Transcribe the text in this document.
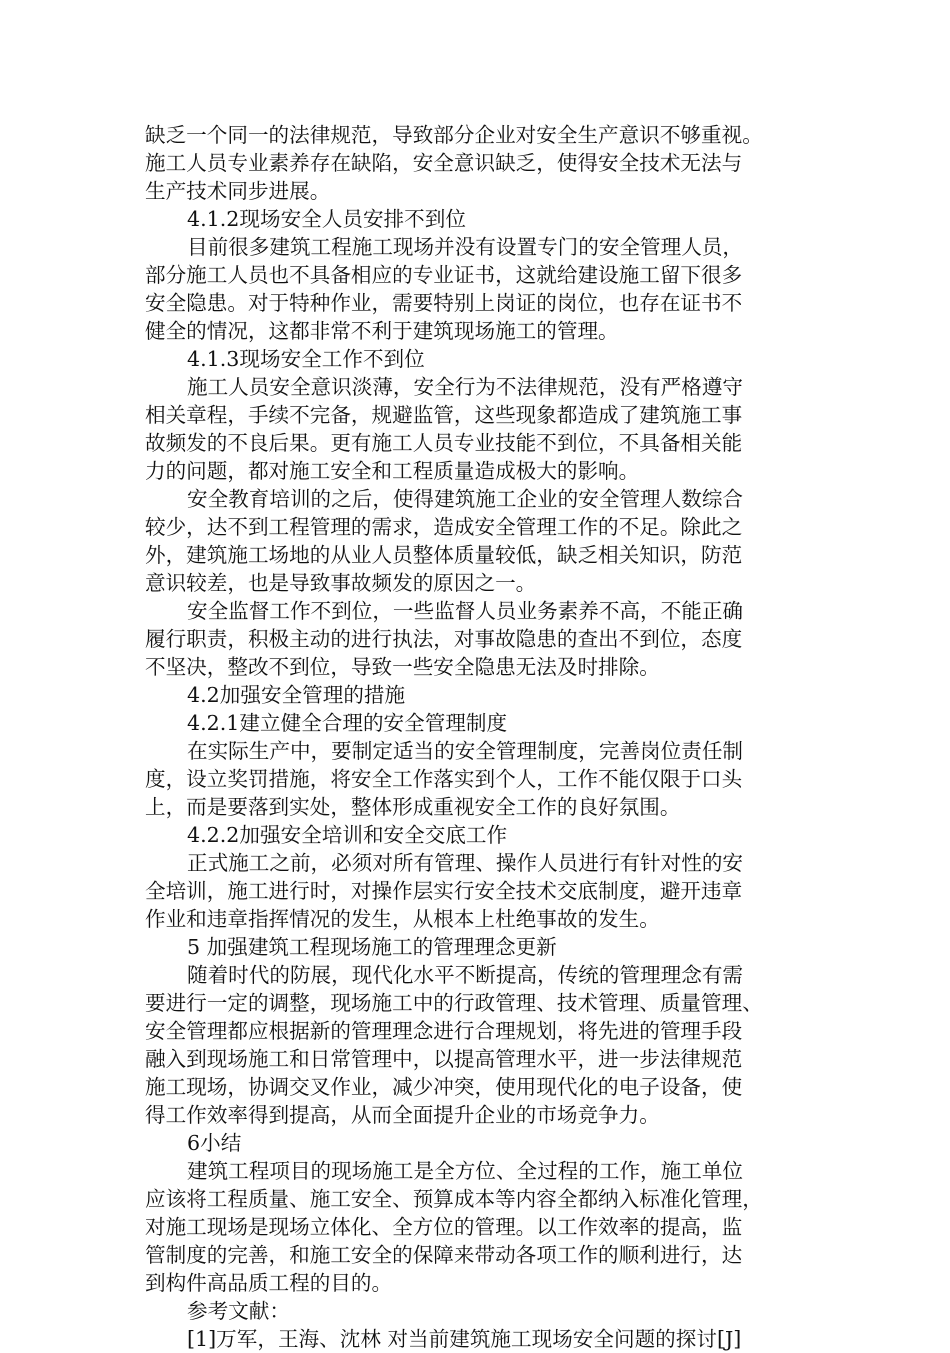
缺乏一个同一的法律规范，导致部分企业对安全生产意识不够重视。
施工人员专业素养存在缺陷，安全意识缺乏，使得安全技术无法与
生产技术同步进展。
4.1.2现场安全人员安排不到位
目前很多建筑工程施工现场并没有设置专门的安全管理人员，
部分施工人员也不具备相应的专业证书，这就给建设施工留下很多
安全隐患。对于特种作业，需要特别上岗证的岗位，也存在证书不
健全的情况，这都非常不利于建筑现场施工的管理。
4.1.3现场安全工作不到位
施工人员安全意识淡薄，安全行为不法律规范，没有严格遵守
相关章程，手续不完备，规避监管，这些现象都造成了建筑施工事
故频发的不良后果。更有施工人员专业技能不到位，不具备相关能
力的问题，都对施工安全和工程质量造成极大的影响。
安全教育培训的之后，使得建筑施工企业的安全管理人数综合
较少，达不到工程管理的需求，造成安全管理工作的不足。除此之
外，建筑施工场地的从业人员整体质量较低，缺乏相关知识，防范
意识较差，也是导致事故频发的原因之一。
安全监督工作不到位，一些监督人员业务素养不高，不能正确
履行职责，积极主动的进行执法，对事故隐患的查出不到位，态度
不坚决，整改不到位，导致一些安全隐患无法及时排除。
4.2加强安全管理的措施
4.2.1建立健全合理的安全管理制度
在实际生产中，要制定适当的安全管理制度，完善岗位责任制
度，设立奖罚措施，将安全工作落实到个人，工作不能仅限于口头
上，而是要落到实处，整体形成重视安全工作的良好氛围。
4.2.2加强安全培训和安全交底工作
正式施工之前，必须对所有管理、操作人员进行有针对性的安
全培训，施工进行时，对操作层实行安全技术交底制度，避开违章
作业和违章指挥情况的发生，从根本上杜绝事故的发生。
5 加强建筑工程现场施工的管理理念更新
随着时代的防展，现代化水平不断提高，传统的管理理念有需
要进行一定的调整，现场施工中的行政管理、技术管理、质量管理、
安全管理都应根据新的管理理念进行合理规划，将先进的管理手段
融入到现场施工和日常管理中，以提高管理水平，进一步法律规范
施工现场，协调交叉作业，减少冲突，使用现代化的电子设备，使
得工作效率得到提高，从而全面提升企业的市场竞争力。
6小结
建筑工程项目的现场施工是全方位、全过程的工作，施工单位
应该将工程质量、施工安全、预算成本等内容全都纳入标准化管理，
对施工现场是现场立体化、全方位的管理。以工作效率的提高，监
管制度的完善，和施工安全的保障来带动各项工作的顺利进行，达
到构件高品质工程的目的。
参考文献：
[1]万军，王海、沈林 对当前建筑施工现场安全问题的探讨[J]
